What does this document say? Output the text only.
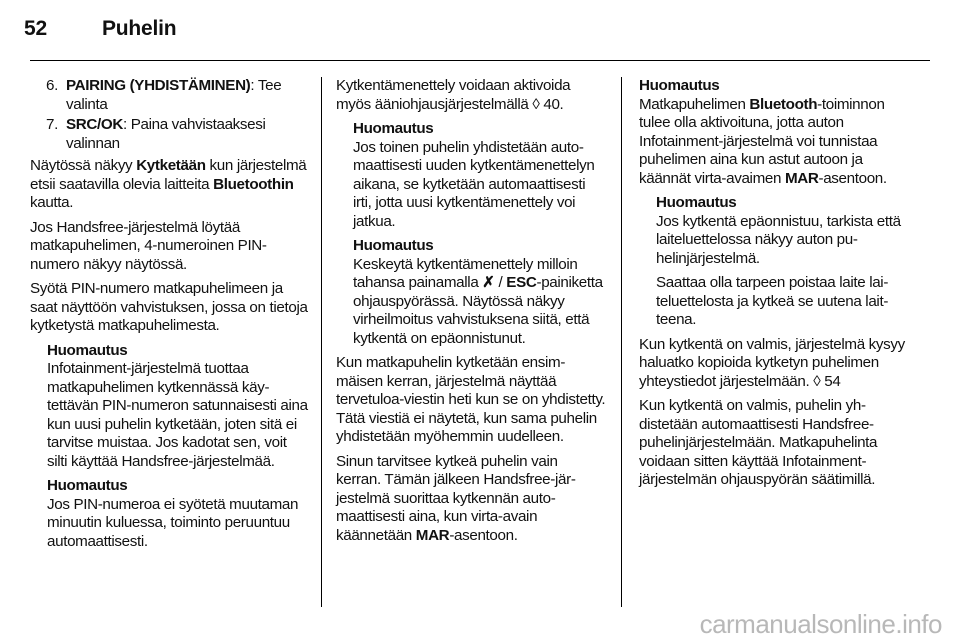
52	Puhelin
6. PAIRING (YHDISTÄMINEN): Tee valinta
7. SRC/OK: Paina vahvistaaksesi valinnan

Näytössä näkyy Kytketään kun järjestelmä etsii saatavilla olevia laitteita Bluetoothin kautta.

Jos Handsfree-järjestelmä löytää matkapuhelimen, 4-numeroinen PIN-numero näkyy näytössä.

Syötä PIN-numero matkapuhelimeen ja saat näyttöön vahvistuksen, jossa on tietoja kytketystä matkapuhelimesta.

Huomautus

Infotainment-järjestelmä tuottaa matkapuhelimen kytkennässä käytettävän PIN-numeron satunnaisesti aina kun uusi puhelin kytketään, joten sitä ei tarvitse muistaa. Jos kadotat sen, voit silti käyttää Handsfree-järjestelmää.

Huomautus

Jos PIN-numeroa ei syötetä muutaman minuutin kuluessa, toiminto peruuntuu automaattisesti.

Kytkentämenettely voidaan aktivoida myös ääniohjausjärjestelmällä ◊ 40.

Huomautus

Jos toinen puhelin yhdistetään automaattisesti uuden kytkentämenettelyn aikana, se kytketään automaattisesti irti, jotta uusi kytkentämenettely voi jatkua.

Huomautus

Keskeytä kytkentämenettely milloin tahansa painamalla ✗ / ESC-painiketta ohjauspyörässä. Näytössä näkyy virheilmoitus vahvistuksena siitä, että kytkentä on epäonnistunut.

Kun matkapuhelin kytketään ensimmäisen kerran, järjestelmä näyttää tervetuloa-viestin heti kun se on yhdistetty. Tätä viestiä ei näytetä, kun sama puhelin yhdistetään myöhemmin uudelleen.

Sinun tarvitsee kytkeä puhelin vain kerran. Tämän jälkeen Handsfree-järjestelmä suorittaa kytkennän automaattisesti aina, kun virta-avain käännetään MAR-asentoon.

Huomautus

Matkapuhelimen Bluetooth-toiminnon tulee olla aktivoituna, jotta auton Infotainment-järjestelmä voi tunnistaa puhelimen aina kun astut autoon ja käännät virta-avaimen MAR-asentoon.

Huomautus

Jos kytkentä epäonnistuu, tarkista että laiteluettelossa näkyy auton puhelinjärjestelmä.

Saattaa olla tarpeen poistaa laite laiteluettelosta ja kytkeä se uutena laitteena.

Kun kytkentä on valmis, järjestelmä kysyy haluatko kopioida kytketyn puhelimen yhteystiedot järjestelmään. ◊ 54

Kun kytkentä on valmis, puhelin yhdistetään automaattisesti Handsfree-puhelinjärjestelmään. Matkapuhelinta voidaan sitten käyttää Infotainment-järjestelmän ohjauspyörän säätimillä.

carmanualsonline.info
